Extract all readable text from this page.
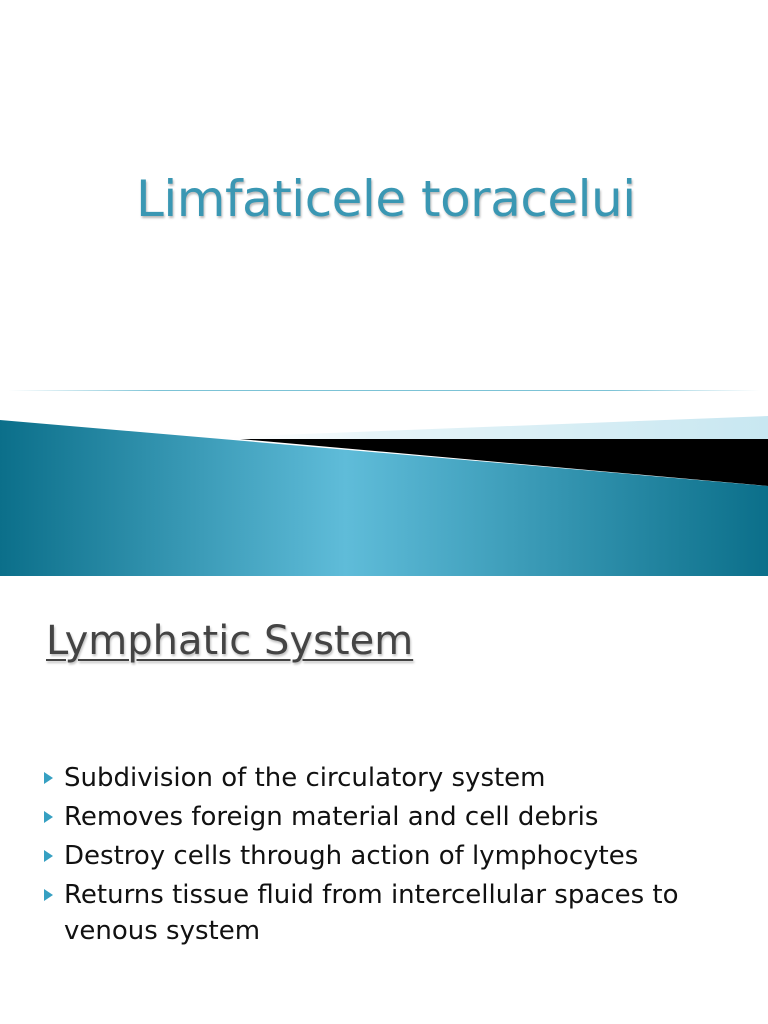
Limfaticele toracelui
Lymphatic System
Subdivision of the circulatory system
Removes foreign material and cell debris
Destroy cells through action of lymphocytes
Returns tissue fluid from intercellular spaces to
venous system
